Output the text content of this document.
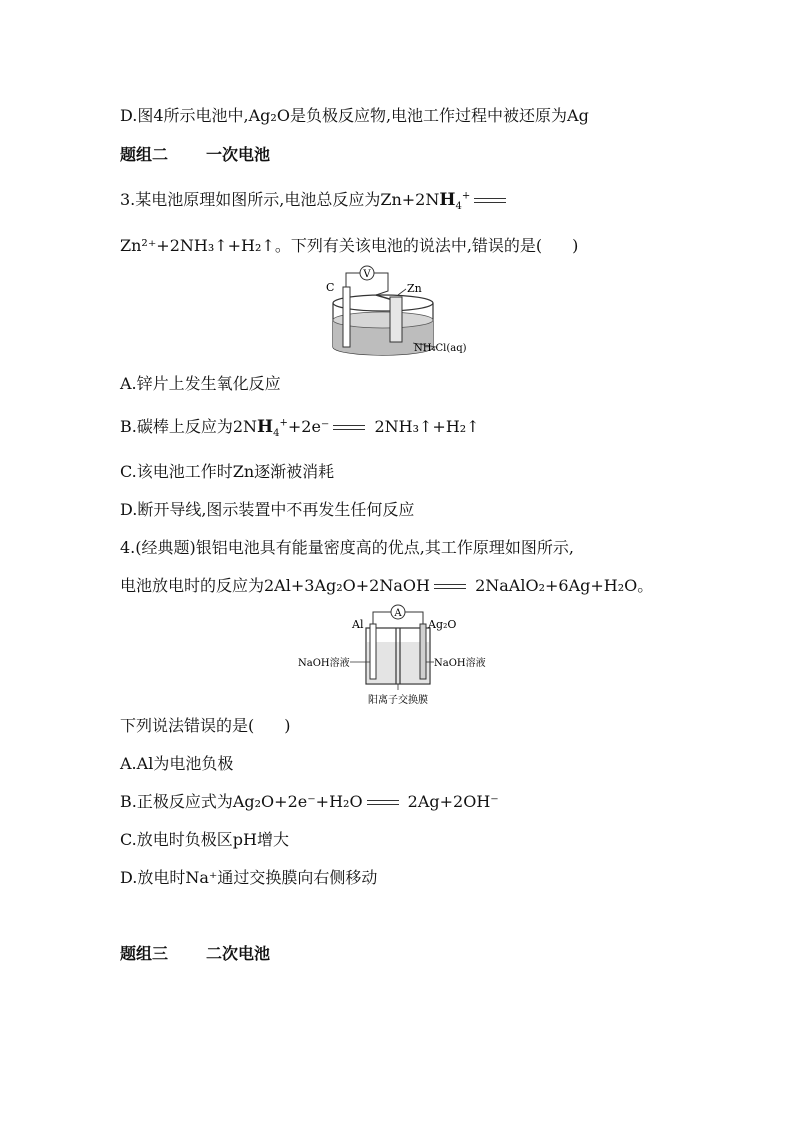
D.图4所示电池中,Ag₂O是负极反应物,电池工作过程中被还原为Ag
题组二 一次电池
3.某电池原理如图所示,电池总反应为$Zn+2NH_4^+$
Zn²⁺+2NH₃↑+H₂↑。下列有关该电池的说法中,错误的是( )
V
C	Zn
NH₄Cl(aq)
A.锌片上发生氧化反应
B.碳棒上反应为$2NH_4^++2e^-$	2NH₃↑+H₂↑
C.该电池工作时Zn逐渐被消耗
D.断开导线,图示装置中不再发生任何反应
4.(经典题)银铝电池具有能量密度高的优点,其工作原理如图所示,
电池放电时的反应为2Al+3Ag₂O+2NaOH	2NaAlO₂+6Ag+H₂O。
A
Al	Ag₂O
NaOH溶液	NaOH溶液
阳离子交换膜
下列说法错误的是( )
A.Al为电池负极
B.正极反应式为Ag₂O+2e⁻+H₂O	2Ag+2OH⁻
C.放电时负极区pH增大
D.放电时Na⁺通过交换膜向右侧移动
题组三 二次电池
